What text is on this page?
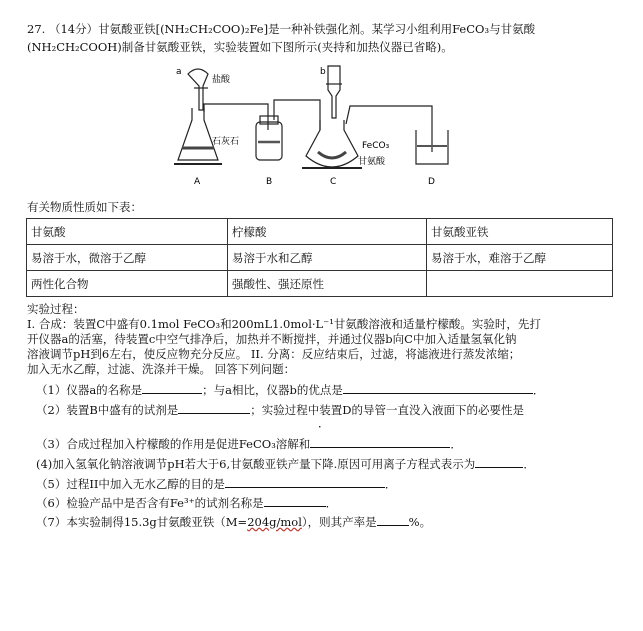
27. （14分）甘氨酸亚铁[(NH₂CH₂COO)₂Fe]是一种补铁强化剂。某学习小组利用FeCO₃与甘氨酸
(NH₂CH₂COOH)制备甘氨酸亚铁，实验装置如下图所示(夹持和加热仪器已省略)。
a
盐酸
石灰石
b
FeCO₃
甘氨酸
A	B	C	D
有关物质性质如下表：
甘氨酸	柠檬酸	甘氨酸亚铁
易溶于水，微溶于乙醇	易溶于水和乙醇	易溶于水，难溶于乙醇
两性化合物	强酸性、强还原性	
实验过程：
I. 合成：装置C中盛有0.1mol FeCO₃和200mL1.0mol·L⁻¹甘氨酸溶液和适量柠檬酸。实验时，先打
开仪器a的活塞，待装置c中空气排净后，加热并不断搅拌，并通过仪器b向C中加入适量氢氧化钠
溶液调节pH到6左右，使反应物充分反应。 II. 分离：反应结束后，过滤，将滤液进行蒸发浓缩；
加入无水乙醇，过滤、洗涤并干燥。 回答下列问题：
（1）仪器a的名称是	；与a相比，仪器b的优点是	．
（2）装置B中盛有的试剂是	；实验过程中装置D的导管一直没入液面下的必要性是
．
（3）合成过程加入柠檬酸的作用是促进FeCO₃溶解和	．
(4)加入氢氧化钠溶液调节pH若大于6,甘氨酸亚铁产量下降.原因可用离子方程式表示为	．
（5）过程II中加入无水乙醇的目的是	．
（6）检验产品中是否含有Fe³⁺的试剂名称是	．
（7）本实验制得15.3g甘氨酸亚铁（M=204g/mol），则其产率是	%。
